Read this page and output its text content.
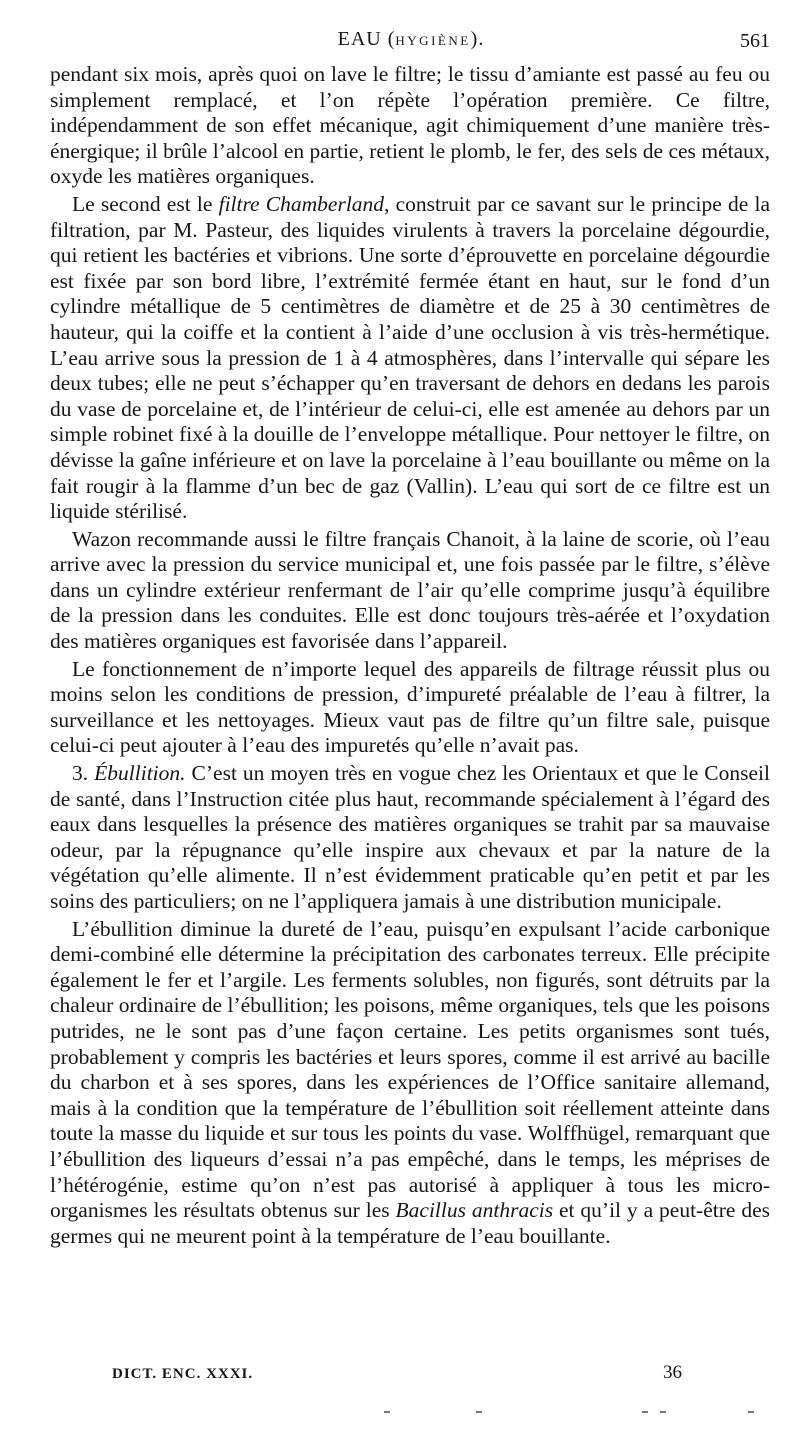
EAU (HYGIÈNE).	561

pendant six mois, après quoi on lave le filtre; le tissu d’amiante est passé au feu ou simplement remplacé, et l’on répète l’opération première. Ce filtre, indépendamment de son effet mécanique, agit chimiquement d’une manière très-énergique; il brûle l’alcool en partie, retient le plomb, le fer, des sels de ces métaux, oxyde les matières organiques.

Le second est le filtre Chamberland, construit par ce savant sur le principe de la filtration, par M. Pasteur, des liquides virulents à travers la porcelaine dégourdie, qui retient les bactéries et vibrions. Une sorte d’éprouvette en porcelaine dégourdie est fixée par son bord libre, l’extrémité fermée étant en haut, sur le fond d’un cylindre métallique de 5 centimètres de diamètre et de 25 à 30 centimètres de hauteur, qui la coiffe et la contient à l’aide d’une occlusion à vis très-hermétique. L’eau arrive sous la pression de 1 à 4 atmosphères, dans l’intervalle qui sépare les deux tubes; elle ne peut s’échapper qu’en traversant de dehors en dedans les parois du vase de porcelaine et, de l’intérieur de celui-ci, elle est amenée au dehors par un simple robinet fixé à la douille de l’enveloppe métallique. Pour nettoyer le filtre, on dévisse la gaîne inférieure et on lave la porcelaine à l’eau bouillante ou même on la fait rougir à la flamme d’un bec de gaz (Vallin). L’eau qui sort de ce filtre est un liquide stérilisé.

Wazon recommande aussi le filtre français Chanoit, à la laine de scorie, où l’eau arrive avec la pression du service municipal et, une fois passée par le filtre, s’élève dans un cylindre extérieur renfermant de l’air qu’elle comprime jusqu’à équilibre de la pression dans les conduites. Elle est donc toujours très-aérée et l’oxydation des matières organiques est favorisée dans l’appareil.

Le fonctionnement de n’importe lequel des appareils de filtrage réussit plus ou moins selon les conditions de pression, d’impureté préalable de l’eau à filtrer, la surveillance et les nettoyages. Mieux vaut pas de filtre qu’un filtre sale, puisque celui-ci peut ajouter à l’eau des impuretés qu’elle n’avait pas.

3. Ébullition. C’est un moyen très en vogue chez les Orientaux et que le Conseil de santé, dans l’Instruction citée plus haut, recommande spécialement à l’égard des eaux dans lesquelles la présence des matières organiques se trahit par sa mauvaise odeur, par la répugnance qu’elle inspire aux chevaux et par la nature de la végétation qu’elle alimente. Il n’est évidemment praticable qu’en petit et par les soins des particuliers; on ne l’appliquera jamais à une distribution municipale.

L’ébullition diminue la dureté de l’eau, puisqu’en expulsant l’acide carbonique demi-combiné elle détermine la précipitation des carbonates terreux. Elle précipite également le fer et l’argile. Les ferments solubles, non figurés, sont détruits par la chaleur ordinaire de l’ébullition; les poisons, même organiques, tels que les poisons putrides, ne le sont pas d’une façon certaine. Les petits organismes sont tués, probablement y compris les bactéries et leurs spores, comme il est arrivé au bacille du charbon et à ses spores, dans les expériences de l’Office sanitaire allemand, mais à la condition que la température de l’ébullition soit réellement atteinte dans toute la masse du liquide et sur tous les points du vase. Wolffhügel, remarquant que l’ébullition des liqueurs d’essai n’a pas empêché, dans le temps, les méprises de l’hétérogénie, estime qu’on n’est pas autorisé à appliquer à tous les micro-organismes les résultats obtenus sur les Bacillus anthracis et qu’il y a peut-être des germes qui ne meurent point à la température de l’eau bouillante.

DICT. ENC. XXXI.	36
